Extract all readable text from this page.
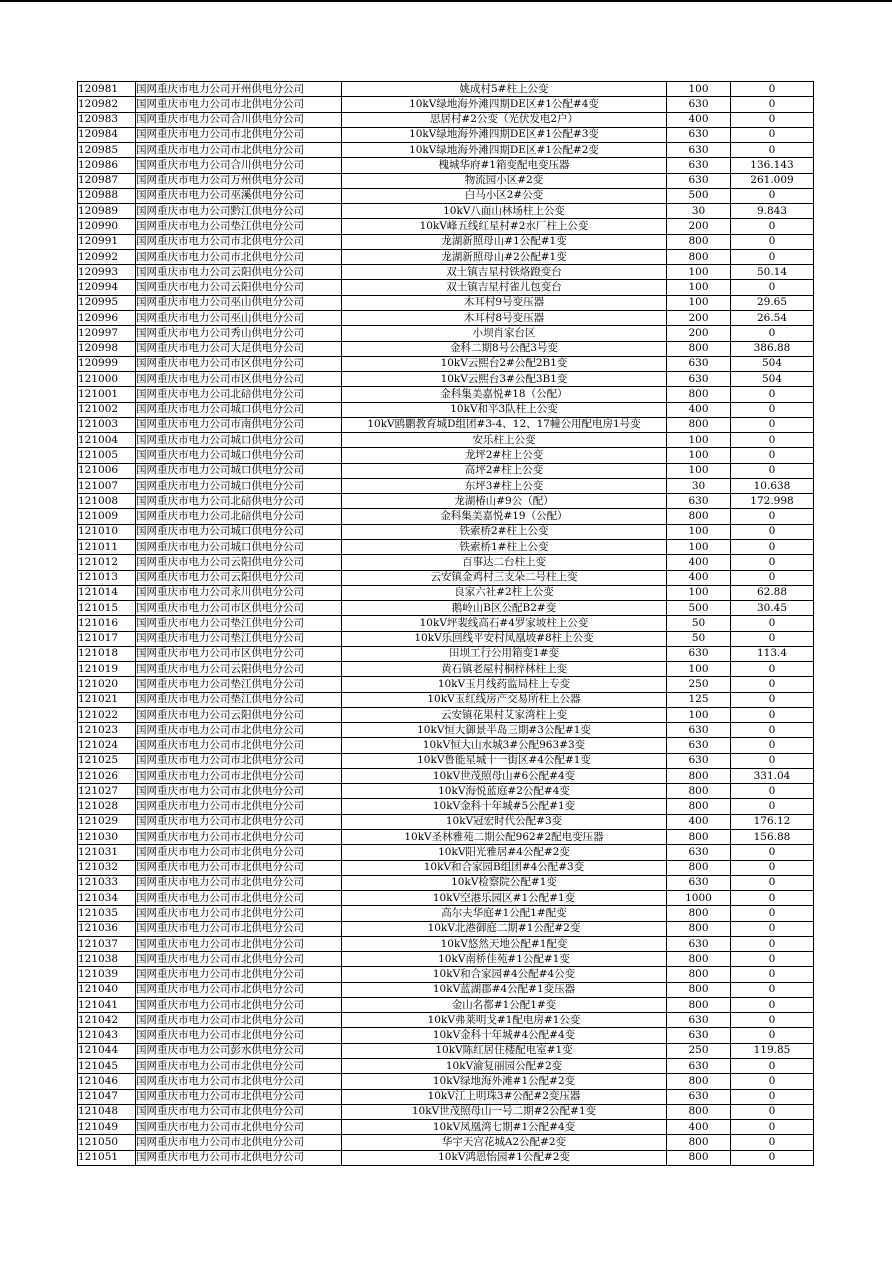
120981	国网重庆市电力公司开州供电分公司	姚成村5#柱上公变	100	0
120982	国网重庆市电力公司市北供电分公司	10kV绿地海外滩四期DE区#1公配#4变	630	0
120983	国网重庆市电力公司合川供电分公司	思居村#2公变（光伏发电2户）	400	0
120984	国网重庆市电力公司市北供电分公司	10kV绿地海外滩四期DE区#1公配#3变	630	0
120985	国网重庆市电力公司市北供电分公司	10kV绿地海外滩四期DE区#1公配#2变	630	0
120986	国网重庆市电力公司合川供电分公司	槐城华府#1箱变配电变压器	630	136.143
120987	国网重庆市电力公司万州供电分公司	物流园小区#2变	630	261.009
120988	国网重庆市电力公司巫溪供电分公司	白马小区2#公变	500	0
120989	国网重庆市电力公司黔江供电分公司	10kV八面山林场柱上公变	30	9.843
120990	国网重庆市电力公司垫江供电分公司	10kV峰五线红星村#2水厂柱上公变	200	0
120991	国网重庆市电力公司市北供电分公司	龙湖新照母山#1公配#1变	800	0
120992	国网重庆市电力公司市北供电分公司	龙湖新照母山#2公配#1变	800	0
120993	国网重庆市电力公司云阳供电分公司	双土镇吉星村铁烙蹬变台	100	50.14
120994	国网重庆市电力公司云阳供电分公司	双土镇吉星村雀儿包变台	100	0
120995	国网重庆市电力公司巫山供电分公司	木耳村9号变压器	100	29.65
120996	国网重庆市电力公司巫山供电分公司	木耳村8号变压器	200	26.54
120997	国网重庆市电力公司秀山供电分公司	小坝肖家台区	200	0
120998	国网重庆市电力公司大足供电分公司	金科二期8号公配3号变	800	386.88
120999	国网重庆市电力公司市区供电分公司	10kV云熙台2#公配2B1变	630	504
121000	国网重庆市电力公司市区供电分公司	10kV云熙台3#公配3B1变	630	504
121001	国网重庆市电力公司北碚供电分公司	金科集美嘉悦#18（公配）	800	0
121002	国网重庆市电力公司城口供电分公司	10kV和平3队柱上公变	400	0
121003	国网重庆市电力公司市南供电分公司	10kV鸥鹏教育城D组团#3-4、12、17幢公用配电房1号变	800	0
121004	国网重庆市电力公司城口供电分公司	安乐柱上公变	100	0
121005	国网重庆市电力公司城口供电分公司	龙坪2#柱上公变	100	0
121006	国网重庆市电力公司城口供电分公司	高坪2#柱上公变	100	0
121007	国网重庆市电力公司城口供电分公司	东坪3#柱上公变	30	10.638
121008	国网重庆市电力公司北碚供电分公司	龙湖椿山#9公（配）	630	172.998
121009	国网重庆市电力公司北碚供电分公司	金科集美嘉悦#19（公配）	800	0
121010	国网重庆市电力公司城口供电分公司	铁索桥2#柱上公变	100	0
121011	国网重庆市电力公司城口供电分公司	铁索桥1#柱上公变	100	0
121012	国网重庆市电力公司云阳供电分公司	百事达二台柱上变	400	0
121013	国网重庆市电力公司云阳供电分公司	云安镇金鸡村三支朵二号柱上变	400	0
121014	国网重庆市电力公司永川供电分公司	良家六社#2柱上公变	100	62.88
121015	国网重庆市电力公司市区供电分公司	鹅岭山B区公配B2#变	500	30.45
121016	国网重庆市电力公司垫江供电分公司	10kV坪裴线高石#4罗家坡柱上公变	50	0
121017	国网重庆市电力公司垫江供电分公司	10kV乐回线平安村凤凰坡#8柱上公变	50	0
121018	国网重庆市电力公司市区供电分公司	田坝工行公用箱变1#变	630	113.4
121019	国网重庆市电力公司云阳供电分公司	黄石镇老屋村桐梓林柱上变	100	0
121020	国网重庆市电力公司垫江供电分公司	10kV玉月线药监局柱上专变	250	0
121021	国网重庆市电力公司垫江供电分公司	10kV玉红线房产交易所柱上公器	125	0
121022	国网重庆市电力公司云阳供电分公司	云安镇花果村艾家湾柱上变	100	0
121023	国网重庆市电力公司市北供电分公司	10kV恒大御景半岛三期#3公配#1变	630	0
121024	国网重庆市电力公司市北供电分公司	10kV恒大山水城3#公配963#3变	630	0
121025	国网重庆市电力公司市北供电分公司	10kV鲁能星城十一街区#4公配#1变	630	0
121026	国网重庆市电力公司市北供电分公司	10kV世茂照母山#6公配#4变	800	331.04
121027	国网重庆市电力公司市北供电分公司	10kV海悦蓝庭#2公配#4变	800	0
121028	国网重庆市电力公司市北供电分公司	10kV金科十年城#5公配#1变	800	0
121029	国网重庆市电力公司市北供电分公司	10kV冠宏时代公配#3变	400	176.12
121030	国网重庆市电力公司市北供电分公司	10kV圣林雅苑二期公配962#2配电变压器	800	156.88
121031	国网重庆市电力公司市北供电分公司	10kV阳光雅居#4公配#2变	630	0
121032	国网重庆市电力公司市北供电分公司	10kV和合家园B组团#4公配#3变	800	0
121033	国网重庆市电力公司市北供电分公司	10kV检察院公配#1变	630	0
121034	国网重庆市电力公司市北供电分公司	10kV空港乐园区#1公配#1变	1000	0
121035	国网重庆市电力公司市北供电分公司	高尔夫华庭#1公配1#配变	800	0
121036	国网重庆市电力公司市北供电分公司	10kV北港御庭二期#1公配#2变	800	0
121037	国网重庆市电力公司市北供电分公司	10kV悠然天地公配#1配变	630	0
121038	国网重庆市电力公司市北供电分公司	10kV南桥佳苑#1公配#1变	800	0
121039	国网重庆市电力公司市北供电分公司	10kV和合家园#4公配#4公变	800	0
121040	国网重庆市电力公司市北供电分公司	10kV蓝湖郡#4公配#1变压器	800	0
121041	国网重庆市电力公司市北供电分公司	金山名都#1公配1#变	800	0
121042	国网重庆市电力公司市北供电分公司	10kV弗莱明戈#1配电房#1公变	630	0
121043	国网重庆市电力公司市北供电分公司	10kV金科十年城#4公配#4变	630	0
121044	国网重庆市电力公司彭水供电分公司	10kV陈红居住楼配电室#1变	250	119.85
121045	国网重庆市电力公司市北供电分公司	10kV渝复丽园公配#2变	630	0
121046	国网重庆市电力公司市北供电分公司	10kV绿地海外滩#1公配#2变	800	0
121047	国网重庆市电力公司市北供电分公司	10kV江上明珠3#公配#2变压器	630	0
121048	国网重庆市电力公司市北供电分公司	10kV世茂照母山一号二期#2公配#1变	800	0
121049	国网重庆市电力公司市北供电分公司	10kV凤凰湾七期#1公配#4变	400	0
121050	国网重庆市电力公司市北供电分公司	华宇天宫花城A2公配#2变	800	0
121051	国网重庆市电力公司市北供电分公司	10kV鸿恩怡园#1公配#2变	800	0
